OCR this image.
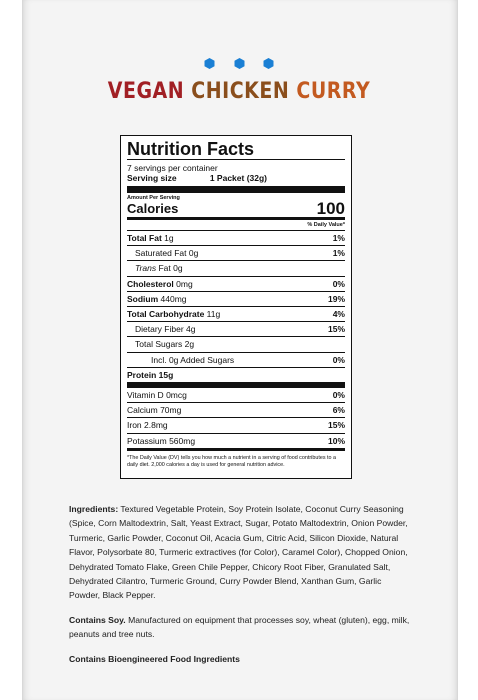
VEGAN CHICKEN CURRY
Nutrition Facts
7 servings per container
Serving size	1 Packet (32g)
Amount Per Serving
Calories	100
% Daily Value*
Total Fat 1g	1%
Saturated Fat 0g	1%
Trans Fat 0g
Cholesterol 0mg	0%
Sodium 440mg	19%
Total Carbohydrate 11g	4%
Dietary Fiber 4g	15%
Total Sugars 2g
Incl. 0g Added Sugars	0%
Protein 15g
Vitamin D 0mcg	0%
Calcium 70mg	6%
Iron 2.8mg	15%
Potassium 560mg	10%
*The Daily Value (DV) tells you how much a nutrient in a serving of food contributes to a daily diet. 2,000 calories a day is used for general nutrition advice.

Ingredients: Textured Vegetable Protein, Soy Protein Isolate, Coconut Curry Seasoning (Spice, Corn Maltodextrin, Salt, Yeast Extract, Sugar, Potato Maltodextrin, Onion Powder, Turmeric, Garlic Powder, Coconut Oil, Acacia Gum, Citric Acid, Silicon Dioxide, Natural Flavor, Polysorbate 80, Turmeric extractives (for Color), Caramel Color), Chopped Onion, Dehydrated Tomato Flake, Green Chile Pepper, Chicory Root Fiber, Granulated Salt, Dehydrated Cilantro, Turmeric Ground, Curry Powder Blend, Xanthan Gum, Garlic Powder, Black Pepper.

Contains Soy. Manufactured on equipment that processes soy, wheat (gluten), egg, milk, peanuts and tree nuts.

Contains Bioengineered Food Ingredients
